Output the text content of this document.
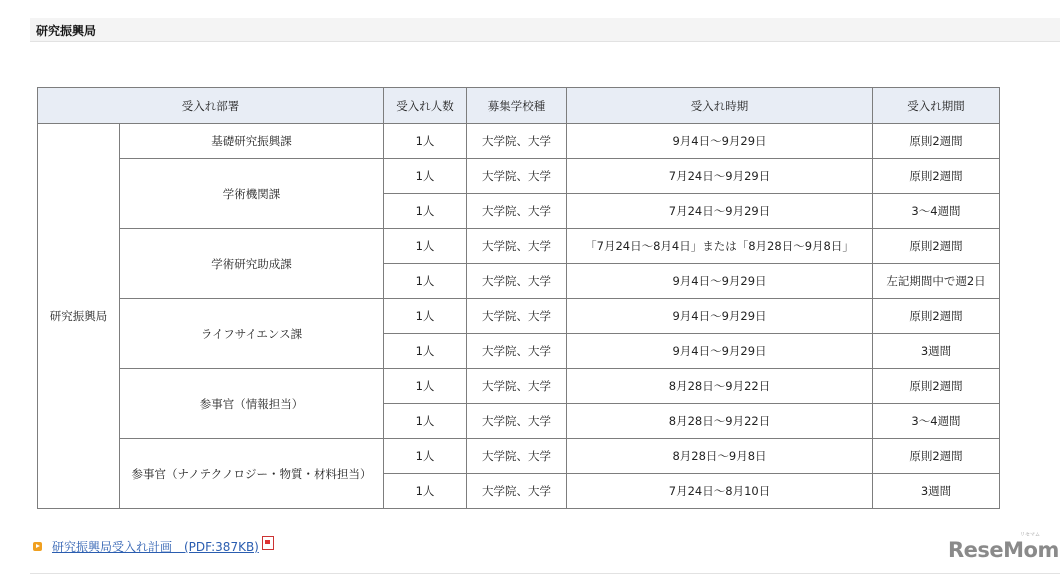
研究振興局
受入れ部署		受入れ人数	募集学校種	受入れ時期	受入れ期間
研究振興局	基礎研究振興課	1人	大学院、大学	9月4日〜9月29日	原則2週間
	学術機関課	1人	大学院、大学	7月24日〜9月29日	原則2週間
		1人	大学院、大学	7月24日〜9月29日	3〜4週間
	学術研究助成課	1人	大学院、大学	「7月24日〜8月4日」または「8月28日〜9月8日」	原則2週間
		1人	大学院、大学	9月4日〜9月29日	左記期間中で週2日
	ライフサイエンス課	1人	大学院、大学	9月4日〜9月29日	原則2週間
		1人	大学院、大学	9月4日〜9月29日	3週間
	参事官（情報担当）	1人	大学院、大学	8月28日〜9月22日	原則2週間
		1人	大学院、大学	8月28日〜9月22日	3〜4週間
	参事官（ナノテクノロジー・物質・材料担当）	1人	大学院、大学	8月28日〜9月8日	原則2週間
		1人	大学院、大学	7月24日〜8月10日	3週間
研究振興局受入れ計画　(PDF:387KB)	ReseMom
リセマム
